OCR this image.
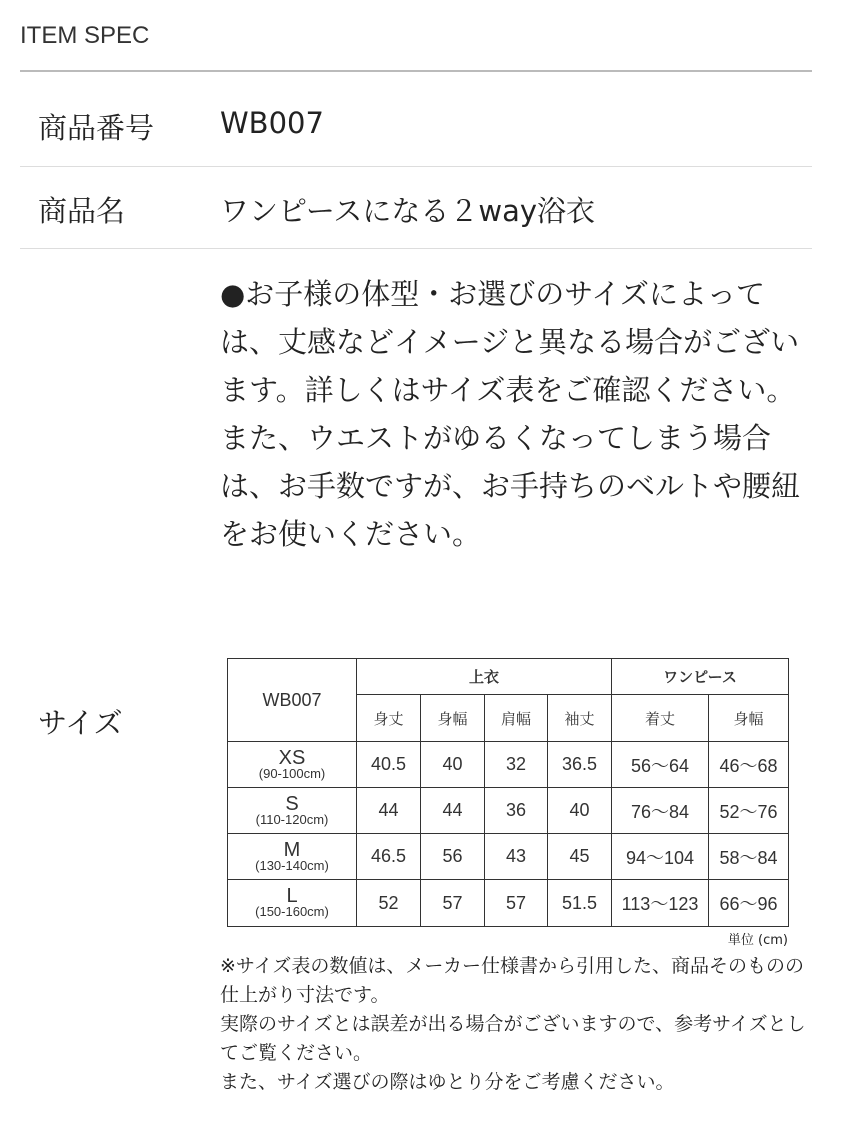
ITEM SPEC
商品番号 WB007
商品名	ワンピースになる２way浴衣

●お子様の体型・お選びのサイズによっては、丈感などイメージと異なる場合がございます。詳しくはサイズ表をご確認ください。

また、ウエストがゆるくなってしまう場合は、お手数ですが、お手持ちのベルトや腰紐をお使いください。

サイズ
WB007	上衣				ワンピース	
	身丈	身幅	肩幅	袖丈	着丈	身幅

XS
(90-100cm)	40.5	40	32	36.5	56〜64	46〜68

S
(110-120cm)	44	44	36	40	76〜84	52〜76

M
(130-140cm)	46.5	56	43	45	94〜104	58〜84

L
(150-160cm)	52	57	57	51.5	113〜123	66〜96
単位 (cm)

※サイズ表の数値は、メーカー仕様書から引用した、商品そのものの仕上がり寸法です。

実際のサイズとは誤差が出る場合がございますので、参考サイズとしてご覧ください。

また、サイズ選びの際はゆとり分をご考慮ください。
